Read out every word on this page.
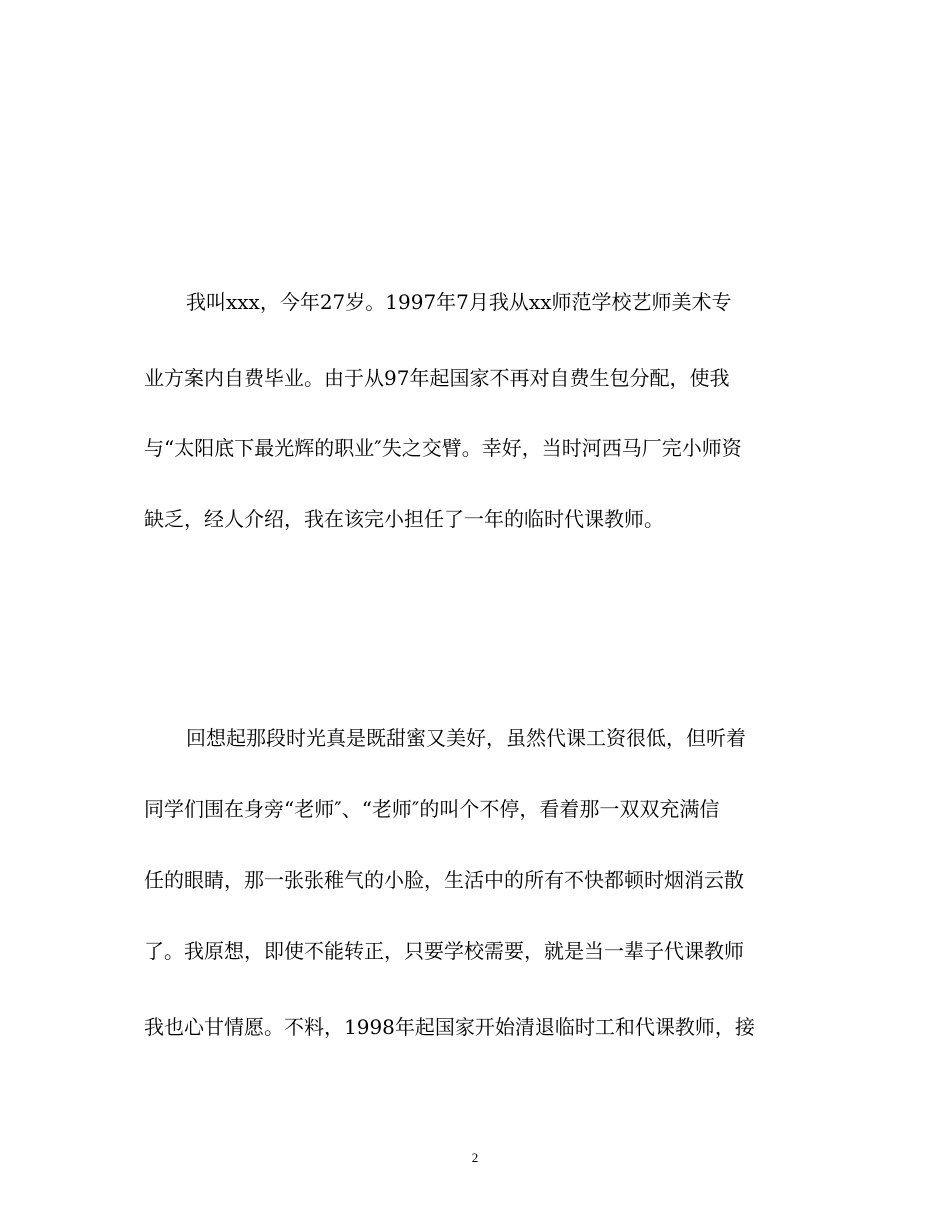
我叫xxx，今年27岁。1997年7月我从xx师范学校艺师美术专
业方案内自费毕业。由于从97年起国家不再对自费生包分配，使我
与“太阳底下最光辉的职业″失之交臂。幸好，当时河西马厂完小师资
缺乏，经人介绍，我在该完小担任了一年的临时代课教师。
回想起那段时光真是既甜蜜又美好，虽然代课工资很低，但听着
同学们围在身旁“老师″、“老师″的叫个不停，看着那一双双充满信
任的眼睛，那一张张稚气的小脸，生活中的所有不快都顿时烟消云散
了。我原想，即使不能转正，只要学校需要，就是当一辈子代课教师
我也心甘情愿。不料，1998年起国家开始清退临时工和代课教师，接
2
